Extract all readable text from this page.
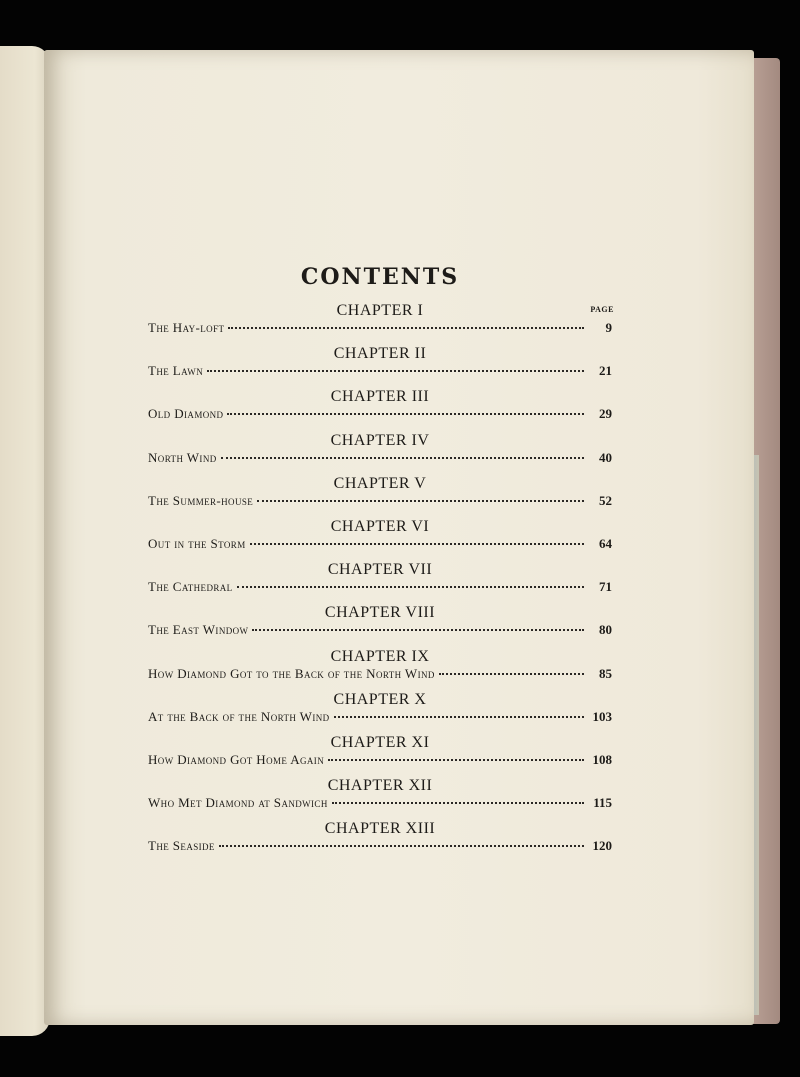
CONTENTS
PAGE
CHAPTER I
The Hay-loft	9
CHAPTER II
The Lawn	21
CHAPTER III
Old Diamond	29
CHAPTER IV
North Wind	40
CHAPTER V
The Summer-house	52
CHAPTER VI
Out in the Storm	64
CHAPTER VII
The Cathedral	71
CHAPTER VIII
The East Window	80
CHAPTER IX
How Diamond Got to the Back of the North Wind	85
CHAPTER X
At the Back of the North Wind	103
CHAPTER XI
How Diamond Got Home Again	108
CHAPTER XII
Who Met Diamond at Sandwich	115
CHAPTER XIII
The Seaside	120
